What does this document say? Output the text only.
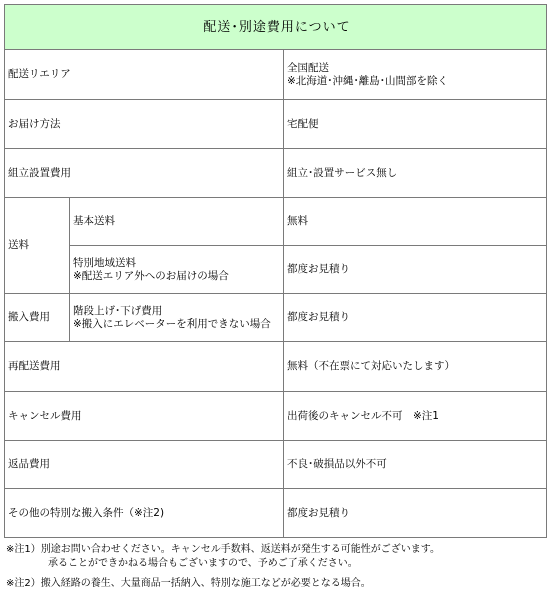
配送･別途費用について		
配送リエリア		全国配送
※北海道･沖縄･離島･山間部を除く

お届け方法		宅配便
組立設置費用		組立･設置サービス無し
送料	基本送料	無料

	特別地域送料
※配送エリア外へのお届けの場合	都度お見積り
搬入費用	階段上げ･下げ費用
※搬入にエレベーターを利用できない場合	都度お見積り
再配送費用		無料（不在票にて対応いたします）
キャンセル費用		出荷後のキャンセル不可　※注1
返品費用		不良･破損品以外不可
その他の特別な搬入条件（※注2)		都度お見積り
※注1）別途お問い合わせください。キャンセル手数料、返送料が発生する可能性がございます。
承ることができかねる場合もございますので、予めご了承ください。
※注2）搬入経路の養生、大量商品一括納入、特別な施工などが必要となる場合。
